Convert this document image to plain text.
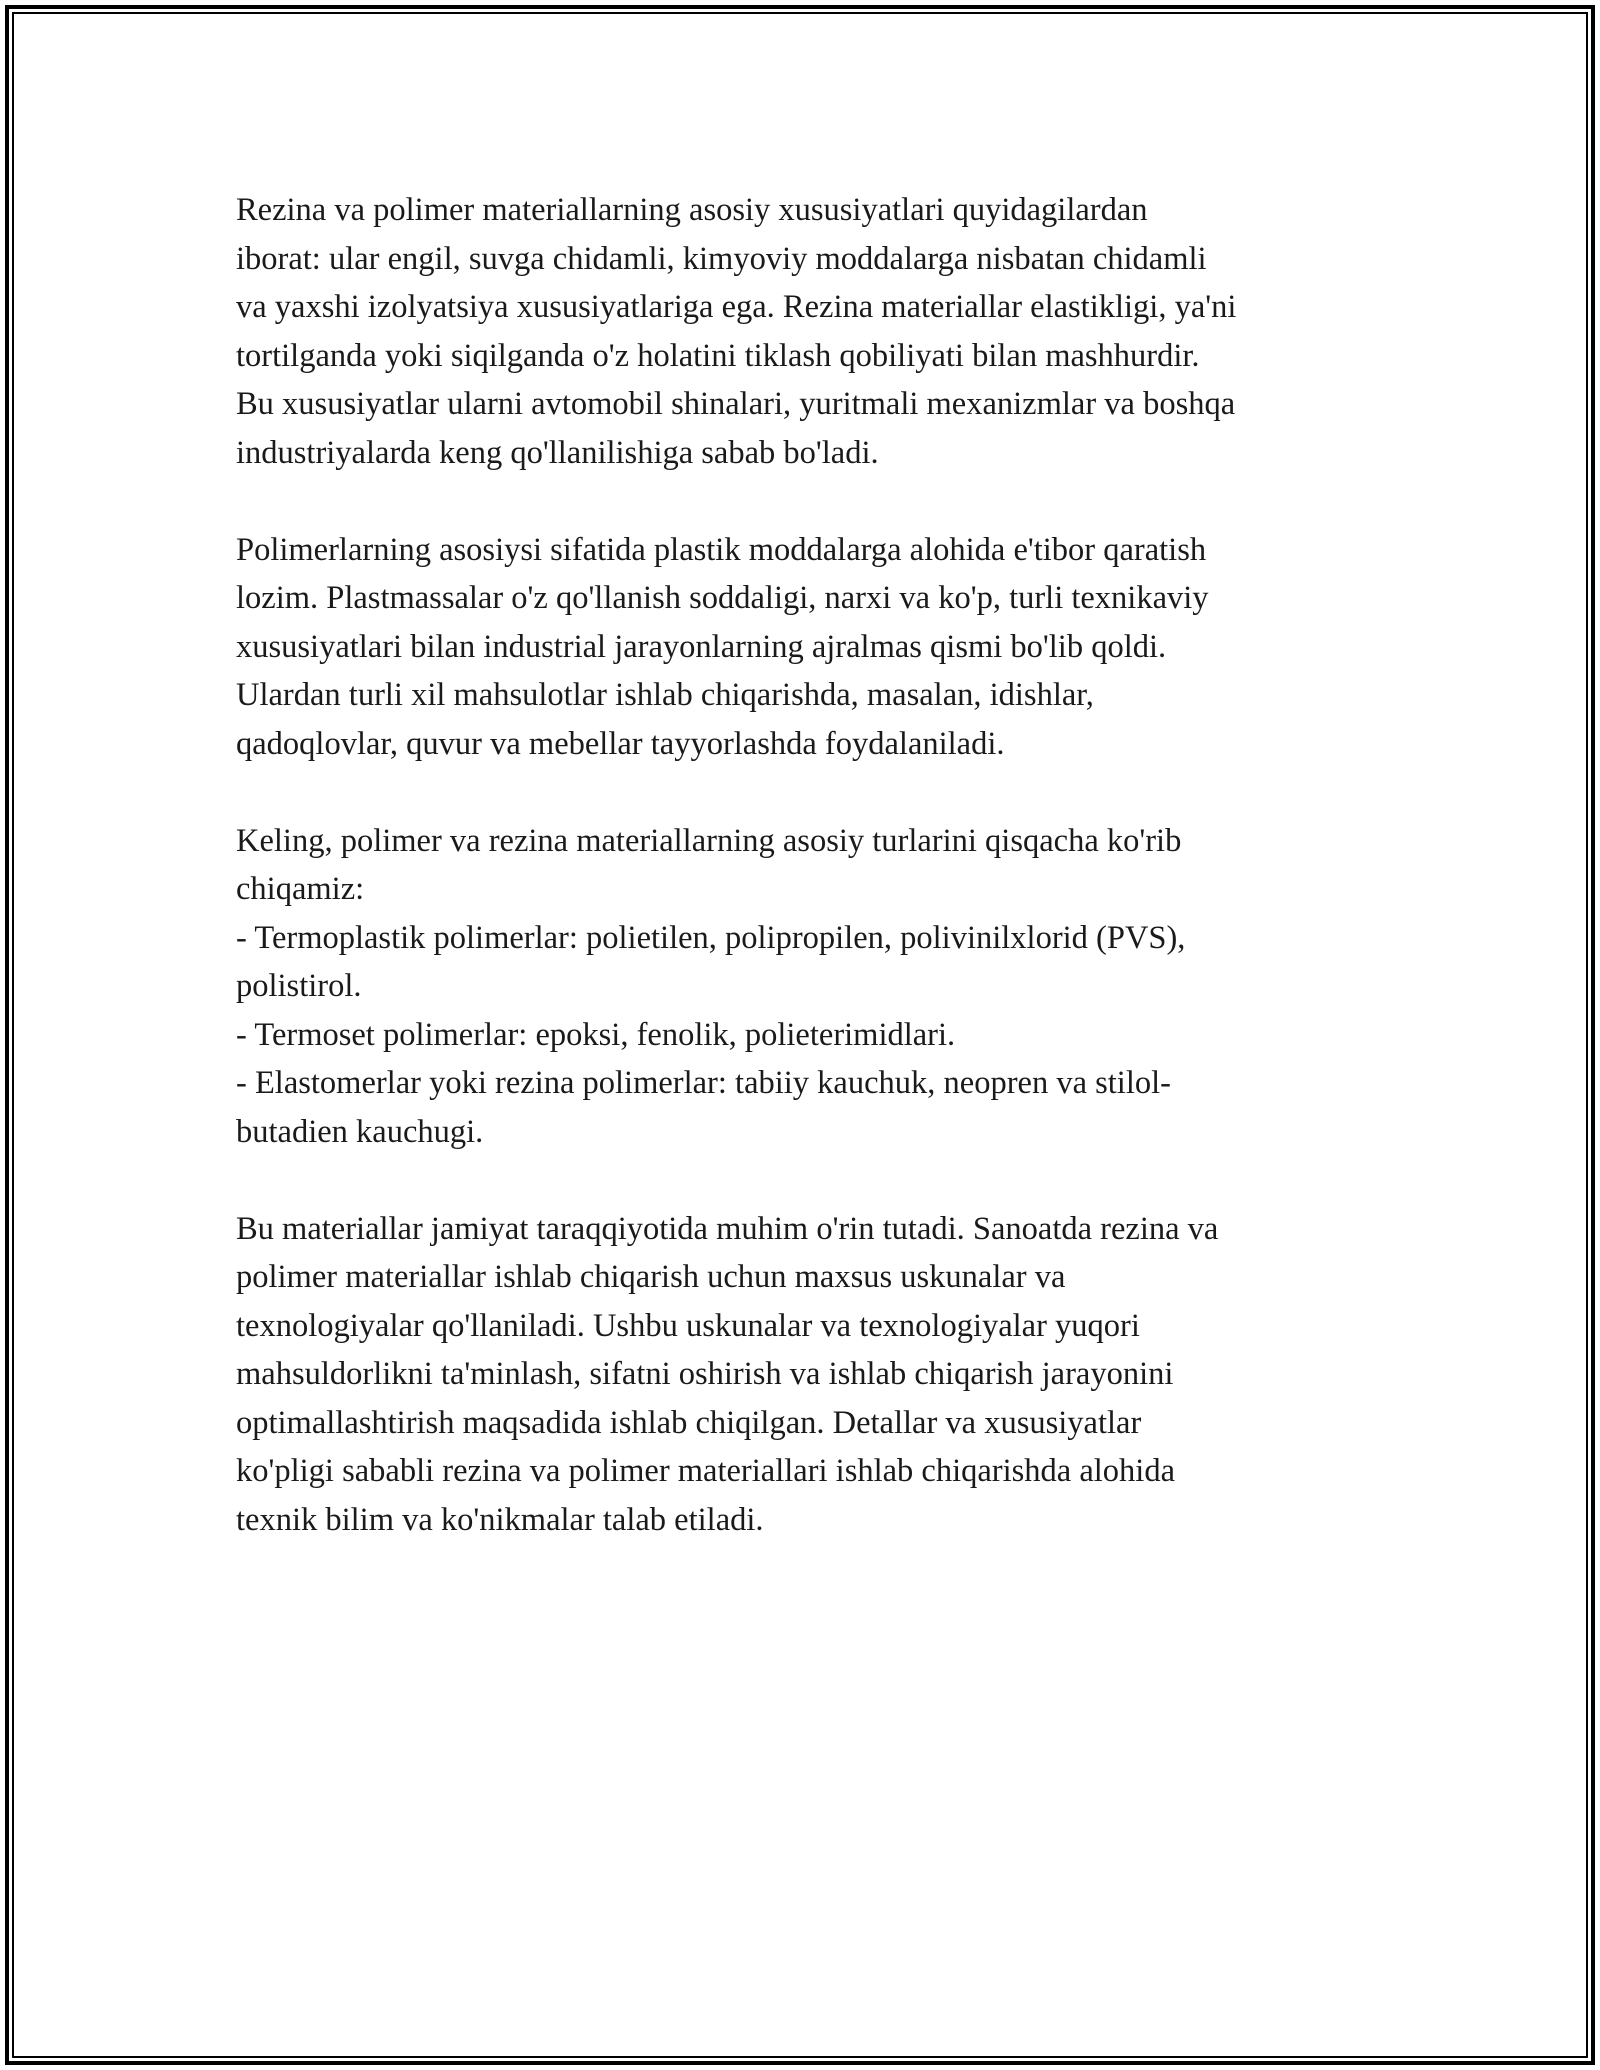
Rezina va polimer materiallarning asosiy xususiyatlari quyidagilardan
iborat: ular engil, suvga chidamli, kimyoviy moddalarga nisbatan chidamli
va yaxshi izolyatsiya xususiyatlariga ega. Rezina materiallar elastikligi, ya'ni
tortilganda yoki siqilganda o'z holatini tiklash qobiliyati bilan mashhurdir.
Bu xususiyatlar ularni avtomobil shinalari, yuritmali mexanizmlar va boshqa
industriyalarda keng qo'llanilishiga sabab bo'ladi.
Polimerlarning asosiysi sifatida plastik moddalarga alohida e'tibor qaratish
lozim. Plastmassalar o'z qo'llanish soddaligi, narxi va ko'p, turli texnikaviy
xususiyatlari bilan industrial jarayonlarning ajralmas qismi bo'lib qoldi.
Ulardan turli xil mahsulotlar ishlab chiqarishda, masalan, idishlar,
qadoqlovlar, quvur va mebellar tayyorlashda foydalaniladi.
Keling, polimer va rezina materiallarning asosiy turlarini qisqacha ko'rib
chiqamiz:
- Termoplastik polimerlar: polietilen, polipropilen, polivinilxlorid (PVS),
polistirol.
- Termoset polimerlar: epoksi, fenolik, polieterimidlari.
- Elastomerlar yoki rezina polimerlar: tabiiy kauchuk, neopren va stilol-
butadien kauchugi.
Bu materiallar jamiyat taraqqiyotida muhim o'rin tutadi. Sanoatda rezina va
polimer materiallar ishlab chiqarish uchun maxsus uskunalar va
texnologiyalar qo'llaniladi. Ushbu uskunalar va texnologiyalar yuqori
mahsuldorlikni ta'minlash, sifatni oshirish va ishlab chiqarish jarayonini
optimallashtirish maqsadida ishlab chiqilgan. Detallar va xususiyatlar
ko'pligi sababli rezina va polimer materiallari ishlab chiqarishda alohida
texnik bilim va ko'nikmalar talab etiladi.
